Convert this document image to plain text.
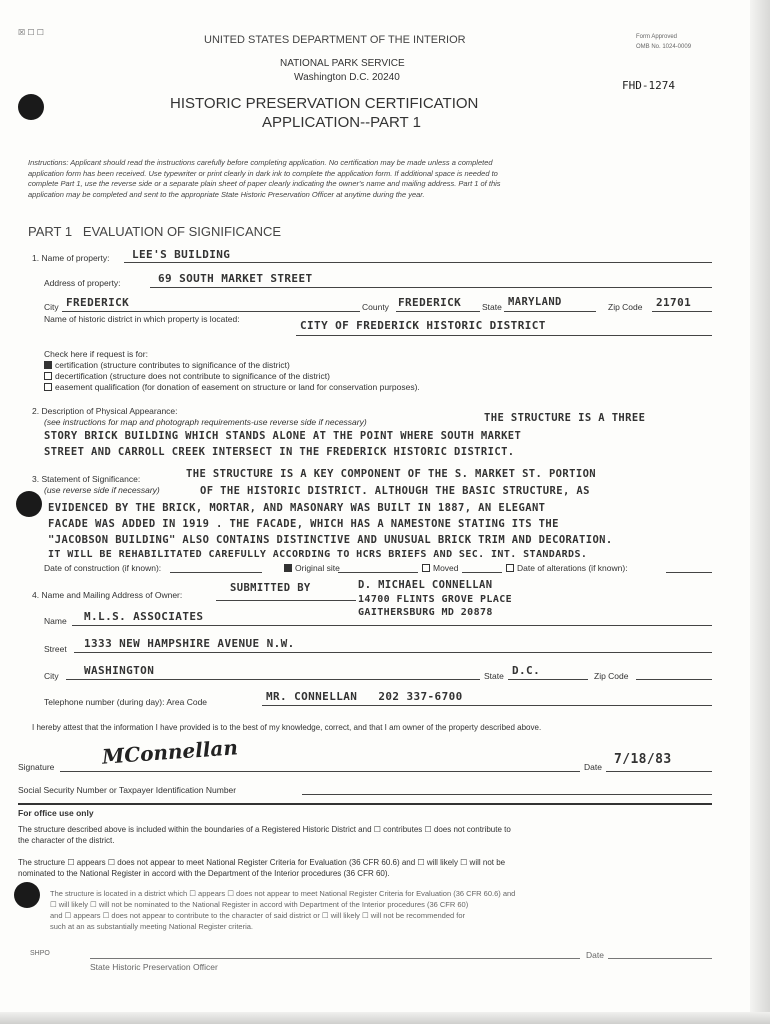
☒ ☐ ☐	Form Approved
OMB No. 1024-0009
UNITED STATES DEPARTMENT OF THE INTERIOR
NATIONAL PARK SERVICE
Washington D.C. 20240
FHD-1274
HISTORIC PRESERVATION CERTIFICATION
APPLICATION--PART 1
Instructions: Applicant should read the instructions carefully before completing application. No certification may be made unless a completed
application form has been received. Use typewriter or print clearly in dark ink to complete the application form. If additional space is needed to
complete Part 1, use the reverse side or a separate plain sheet of paper clearly indicating the owner's name and mailing address. Part 1 of this
application may be completed and sent to the appropriate State Historic Preservation Officer at anytime during the year.
PART 1   EVALUATION OF SIGNIFICANCE
1. Name of property: LEE'S BUILDING
Address of property:	69 SOUTH MARKET STREET
City FREDERICK	County FREDERICK State MARYLAND	Zip Code 21701
Name of historic district in which property is located:	CITY OF FREDERICK HISTORIC DISTRICT
Check here if request is for:
certification (structure contributes to significance of the district)
decertification (structure does not contribute to significance of the district)
easement qualification (for donation of easement on structure or land for conservation purposes).
2. Description of Physical Appearance:
(see instructions for map and photograph requirements-use reverse side if necessary)	THE STRUCTURE IS A THREE
STORY BRICK BUILDING WHICH STANDS ALONE AT THE POINT WHERE SOUTH MARKET
STREET AND CARROLL CREEK INTERSECT IN THE FREDERICK HISTORIC DISTRICT.
3. Statement of Significance:
(use reverse side if necessary)
THE STRUCTURE IS A KEY COMPONENT OF THE S. MARKET ST. PORTION
OF THE HISTORIC DISTRICT. ALTHOUGH THE BASIC STRUCTURE, AS
EVIDENCED BY THE BRICK, MORTAR, AND MASONARY WAS BUILT IN 1887, AN ELEGANT
FACADE WAS ADDED IN 1919 . THE FACADE, WHICH HAS A NAMESTONE STATING ITS THE
"JACOBSON BUILDING" ALSO CONTAINS DISTINCTIVE AND UNUSUAL BRICK TRIM AND DECORATION.
IT WILL BE REHABILITATED CAREFULLY ACCORDING TO HCRS BRIEFS AND SEC. INT. STANDARDS.
Date of construction (if known):	Original site	Moved	Date of alterations (if known):
4. Name and Mailing Address of Owner:
SUBMITTED BY	D. MICHAEL CONNELLAN
14700 FLINTS GROVE PLACE
GAITHERSBURG MD 20878
Name M.L.S. ASSOCIATES
Street 1333 NEW HAMPSHIRE AVENUE N.W.
City WASHINGTON	State D.C.	Zip Code
Telephone number (during day): Area Code	MR. CONNELLAN   202 337-6700
I hereby attest that the information I have provided is to the best of my knowledge, correct, and that I am owner of the property described above.
Signature MConnellan	Date 7/18/83
Social Security Number or Taxpayer Identification Number
For office use only
The structure described above is included within the boundaries of a Registered Historic District and ☐ contributes ☐ does not contribute to
the character of the district.
The structure ☐ appears ☐ does not appear to meet National Register Criteria for Evaluation (36 CFR 60.6) and ☐ will likely ☐ will not be
nominated to the National Register in accord with the Department of the Interior procedures (36 CFR 60).
The structure is located in a district which ☐ appears ☐ does not appear to meet National Register Criteria for Evaluation (36 CFR 60.6) and
☐ will likely ☐ will not be nominated to the National Register in accord with Department of the Interior procedures (36 CFR 60)
and ☐ appears ☐ does not appear to contribute to the character of said district or ☐ will likely ☐ will not be recommended for
such at an as substantially meeting National Register criteria.
SHPO	Date
State Historic Preservation Officer
